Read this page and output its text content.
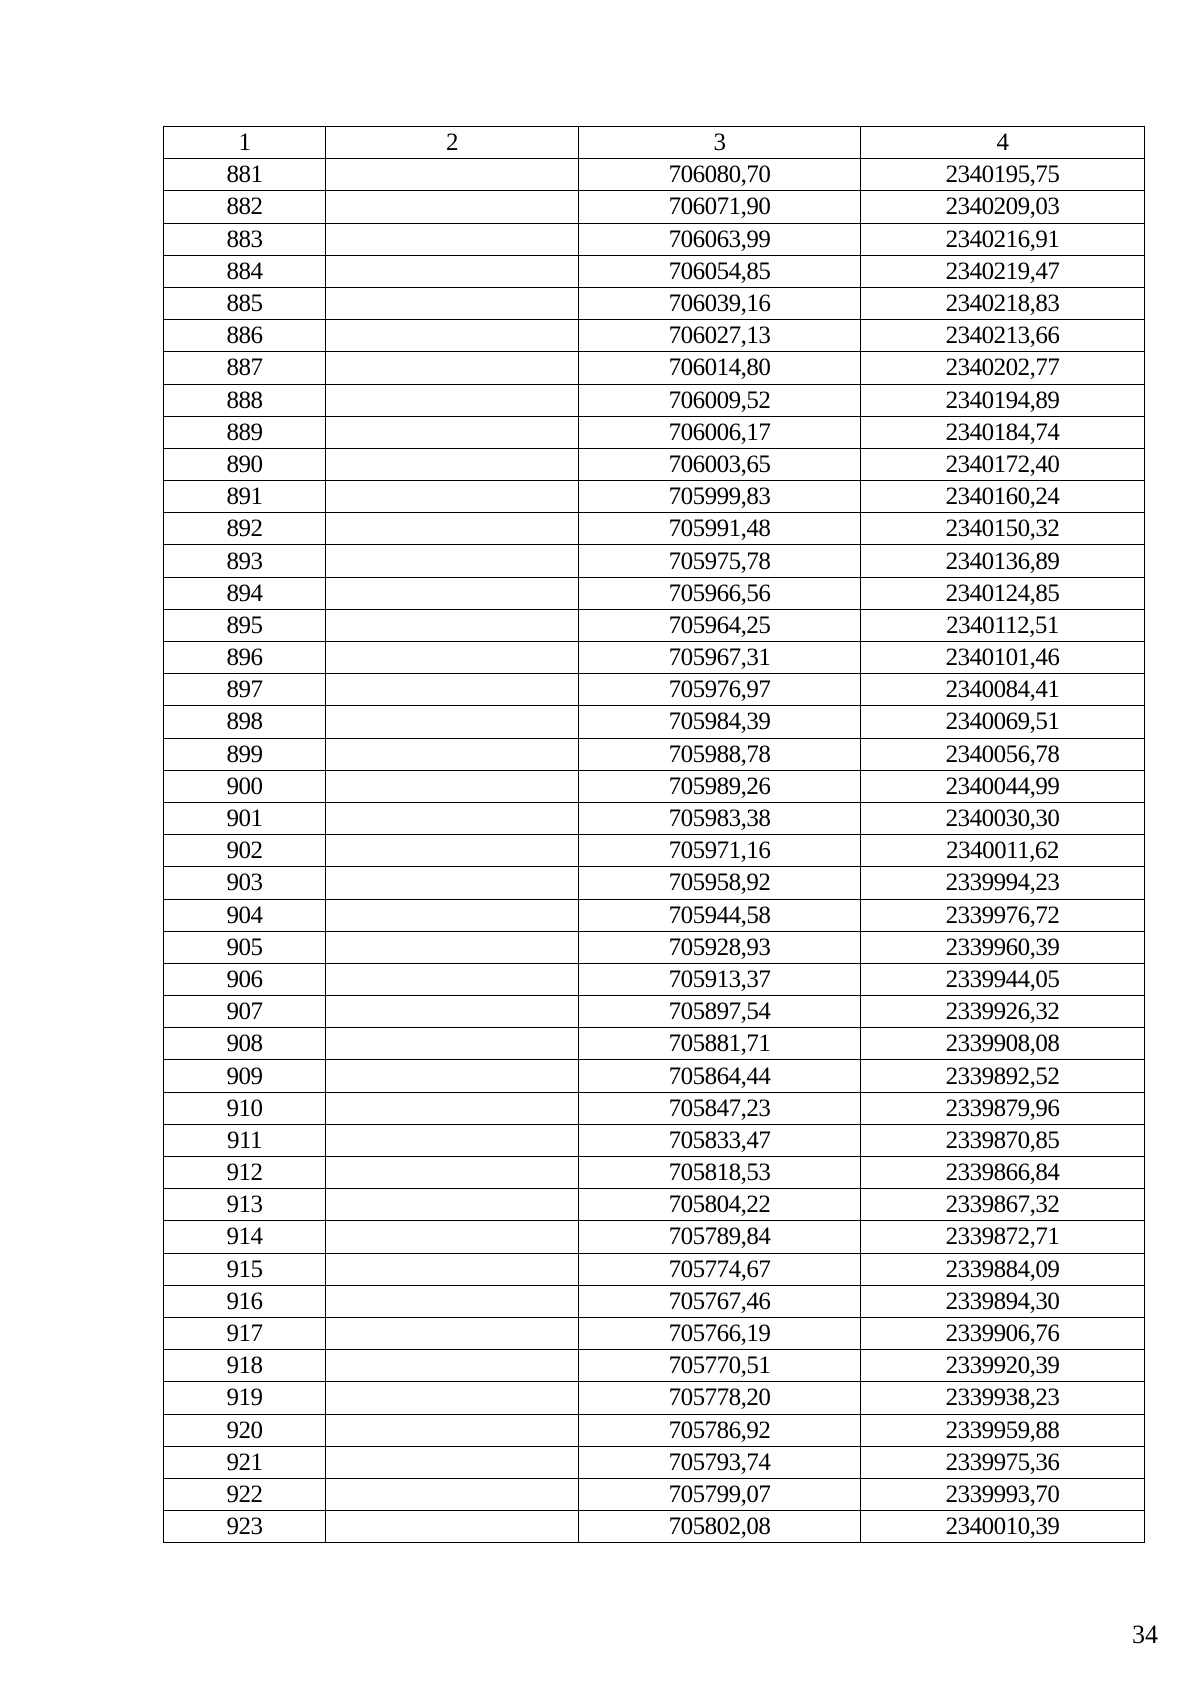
1	2	3	4
881		706080,70	2340195,75
882		706071,90	2340209,03
883		706063,99	2340216,91
884		706054,85	2340219,47
885		706039,16	2340218,83
886		706027,13	2340213,66
887		706014,80	2340202,77
888		706009,52	2340194,89
889		706006,17	2340184,74
890		706003,65	2340172,40
891		705999,83	2340160,24
892		705991,48	2340150,32
893		705975,78	2340136,89
894		705966,56	2340124,85
895		705964,25	2340112,51
896		705967,31	2340101,46
897		705976,97	2340084,41
898		705984,39	2340069,51
899		705988,78	2340056,78
900		705989,26	2340044,99
901		705983,38	2340030,30
902		705971,16	2340011,62
903		705958,92	2339994,23
904		705944,58	2339976,72
905		705928,93	2339960,39
906		705913,37	2339944,05
907		705897,54	2339926,32
908		705881,71	2339908,08
909		705864,44	2339892,52
910		705847,23	2339879,96
911		705833,47	2339870,85
912		705818,53	2339866,84
913		705804,22	2339867,32
914		705789,84	2339872,71
915		705774,67	2339884,09
916		705767,46	2339894,30
917		705766,19	2339906,76
918		705770,51	2339920,39
919		705778,20	2339938,23
920		705786,92	2339959,88
921		705793,74	2339975,36
922		705799,07	2339993,70
923		705802,08	2340010,39
34
